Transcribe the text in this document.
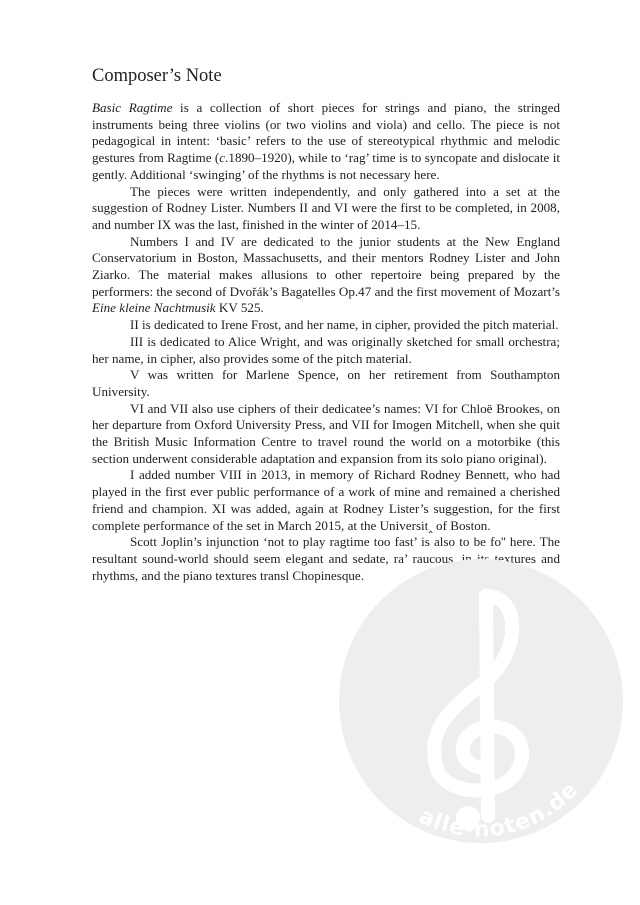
Composer’s Note

Basic Ragtime is a collection of short pieces for strings and piano, the stringed instruments being three violins (or two violins and viola) and cello. The piece is not pedagogical in intent: ‘basic’ refers to the use of stereotypical rhythmic and melodic gestures from Ragtime (c.1890–1920), while to ‘rag’ time is to syncopate and dislocate it gently. Additional ‘swinging’ of the rhythms is not necessary here.

The pieces were written independently, and only gathered into a set at the suggestion of Rodney Lister. Numbers II and VI were the first to be completed, in 2008, and number IX was the last, finished in the winter of 2014–15.

Numbers I and IV are dedicated to the junior students at the New England Conservatorium in Boston, Massachusetts, and their mentors Rodney Lister and John Ziarko. The material makes allusions to other repertoire being prepared by the performers: the second of Dvořák’s Bagatelles Op.47 and the first movement of Mozart’s Eine kleine Nachtmusik KV 525.

II is dedicated to Irene Frost, and her name, in cipher, provided the pitch material.

III is dedicated to Alice Wright, and was originally sketched for small orchestra; her name, in cipher, also provides some of the pitch material.

V was written for Marlene Spence, on her retirement from Southampton University.

VI and VII also use ciphers of their dedicatee’s names: VI for Chloë Brookes, on her departure from Oxford University Press, and VII for Imogen Mitchell, when she quit the British Music Information Centre to travel round the world on a motorbike (this section underwent considerable adaptation and expansion from its solo piano original).

I added number VIII in 2013, in memory of Richard Rodney Bennett, who had played in the first ever public performance of a work of mine and remained a cherished friend and champion. XI was added, again at Rodney Lister’s suggestion, for the first complete performance of the set in March 2015, at the Universit‸ of Boston.

Scott Joplin’s injunction ‘not to play ragtime too fast’ is also to be fo'' here. The resultant sound-world should seem elegant and sedate, ra’ raucous, in its textures and rhythms, and the piano textures transl Chopinesque.

alle-noten.de
